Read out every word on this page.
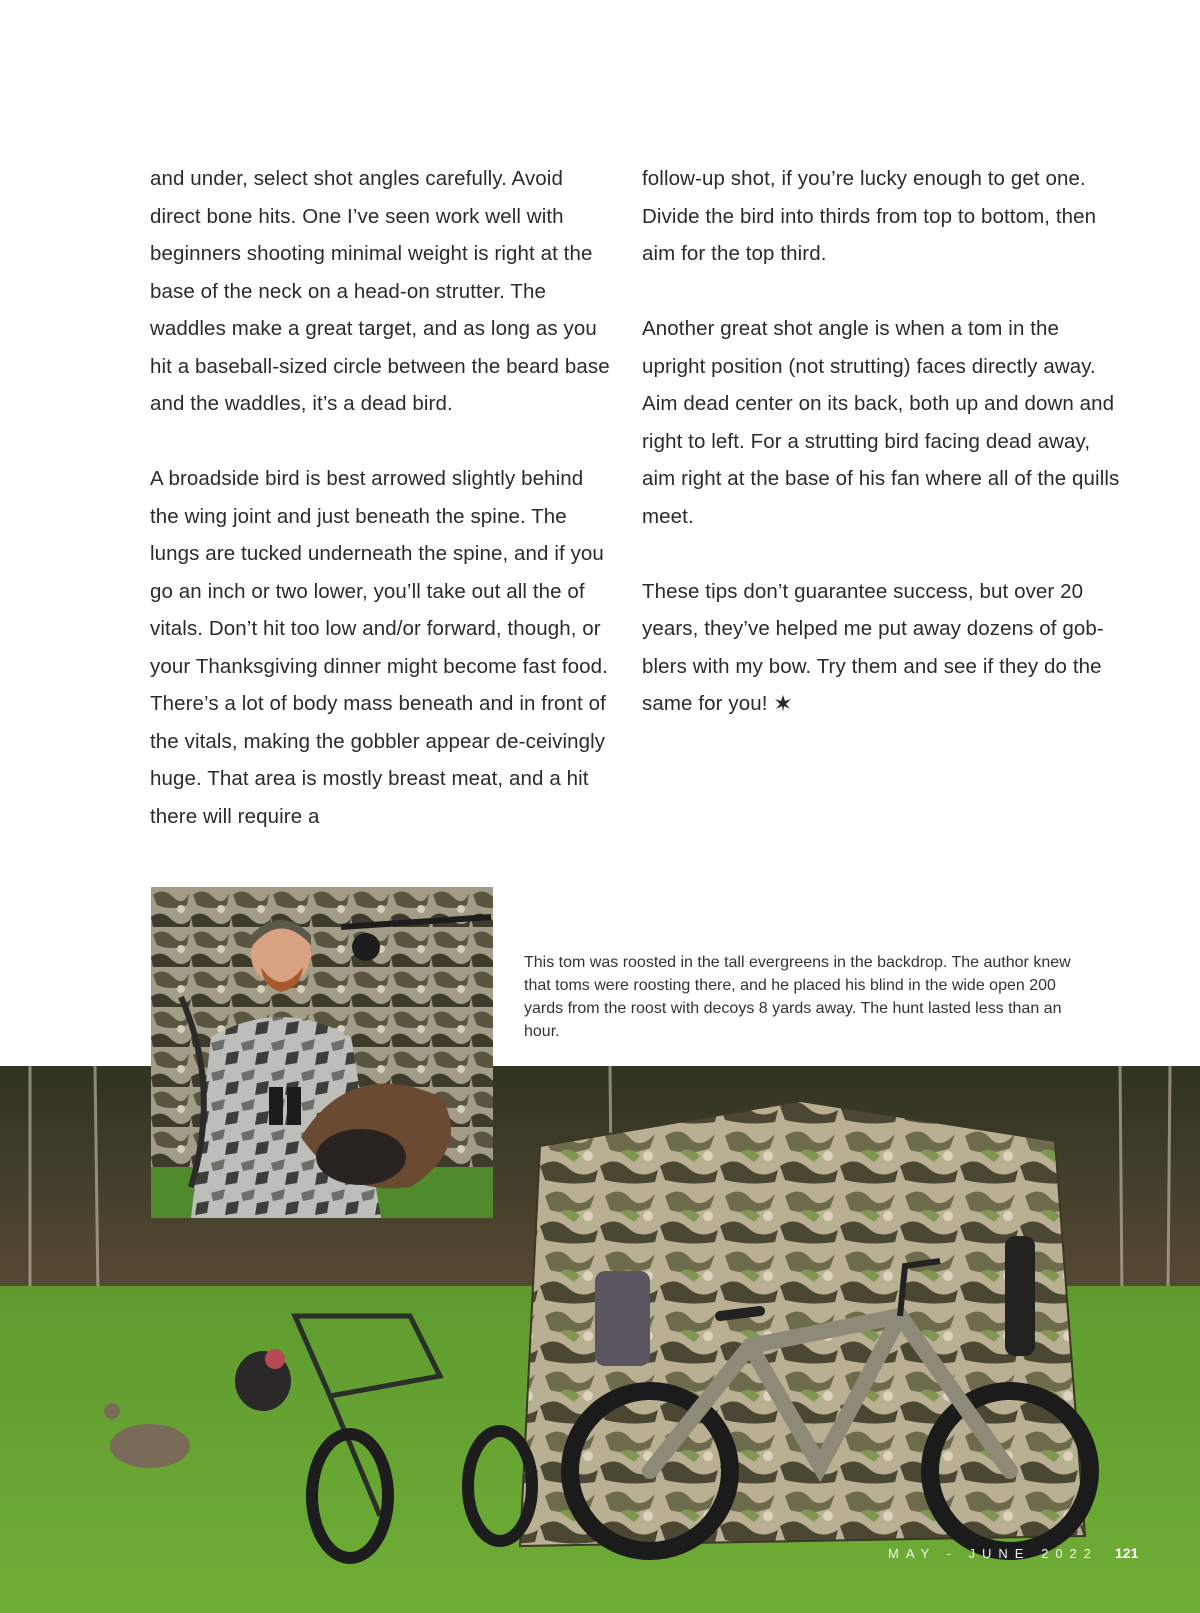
and under, select shot angles carefully. Avoid direct bone hits. One I’ve seen work well with beginners shooting minimal weight is right at the base of the neck on a head-on strutter. The waddles make a great target, and as long as you hit a baseball-sized circle between the beard base and the waddles, it’s a dead bird.

A broadside bird is best arrowed slightly behind the wing joint and just beneath the spine. The lungs are tucked underneath the spine, and if you go an inch or two lower, you’ll take out all the of vitals. Don’t hit too low and/or forward, though, or your Thanksgiving dinner might become fast food. There’s a lot of body mass beneath and in front of the vitals, making the gobbler appear de-ceivingly huge. That area is mostly breast meat, and a hit there will require a

follow-up shot, if you’re lucky enough to get one. Divide the bird into thirds from top to bottom, then aim for the top third.

Another great shot angle is when a tom in the upright position (not strutting) faces directly away. Aim dead center on its back, both up and down and right to left. For a strutting bird facing dead away, aim right at the base of his fan where all of the quills meet.

These tips don’t guarantee success, but over 20 years, they’ve helped me put away dozens of gob-blers with my bow. Try them and see if they do the same for you!

This tom was roosted in the tall evergreens in the backdrop. The author knew that toms were roosting there, and he placed his blind in the wide open 200 yards from the roost with decoys 8 yards away. The hunt lasted less than an hour.
MAY - JUNE 2022 121
